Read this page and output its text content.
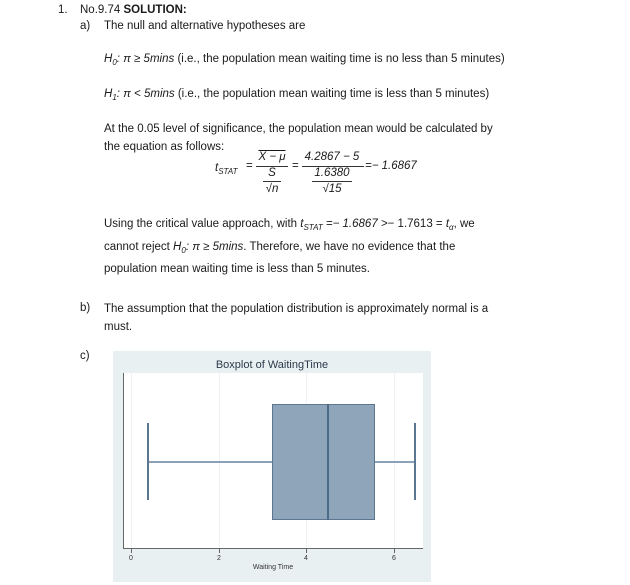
1. No.9.74 SOLUTION:
a) The null and alternative hypotheses are
$H_0$: π ≥ 5mins (i.e., the population mean waiting time is no less than 5 minutes)
$H_1$: π < 5mins (i.e., the population mean waiting time is less than 5 minutes)
At the 0.05 level of significance, the population mean would be calculated by
the equation as follows:
$t_{STAT}$ =
X − μ
S
√n
=
4.2867 − 5
1.6380
√15
=− 1.6867
Using the critical value approach, with $t_{STAT} =- 1.6867 >- 1.7613 = t_\alpha$, we
cannot reject $H_0$: π ≥ 5mins. Therefore, we have no evidence that the
population mean waiting time is less than 5 minutes.
b) The assumption that the population distribution is approximately normal is a
must.
c)
Boxplot of WaitingTime
0	2	4	6
Waiting Time
